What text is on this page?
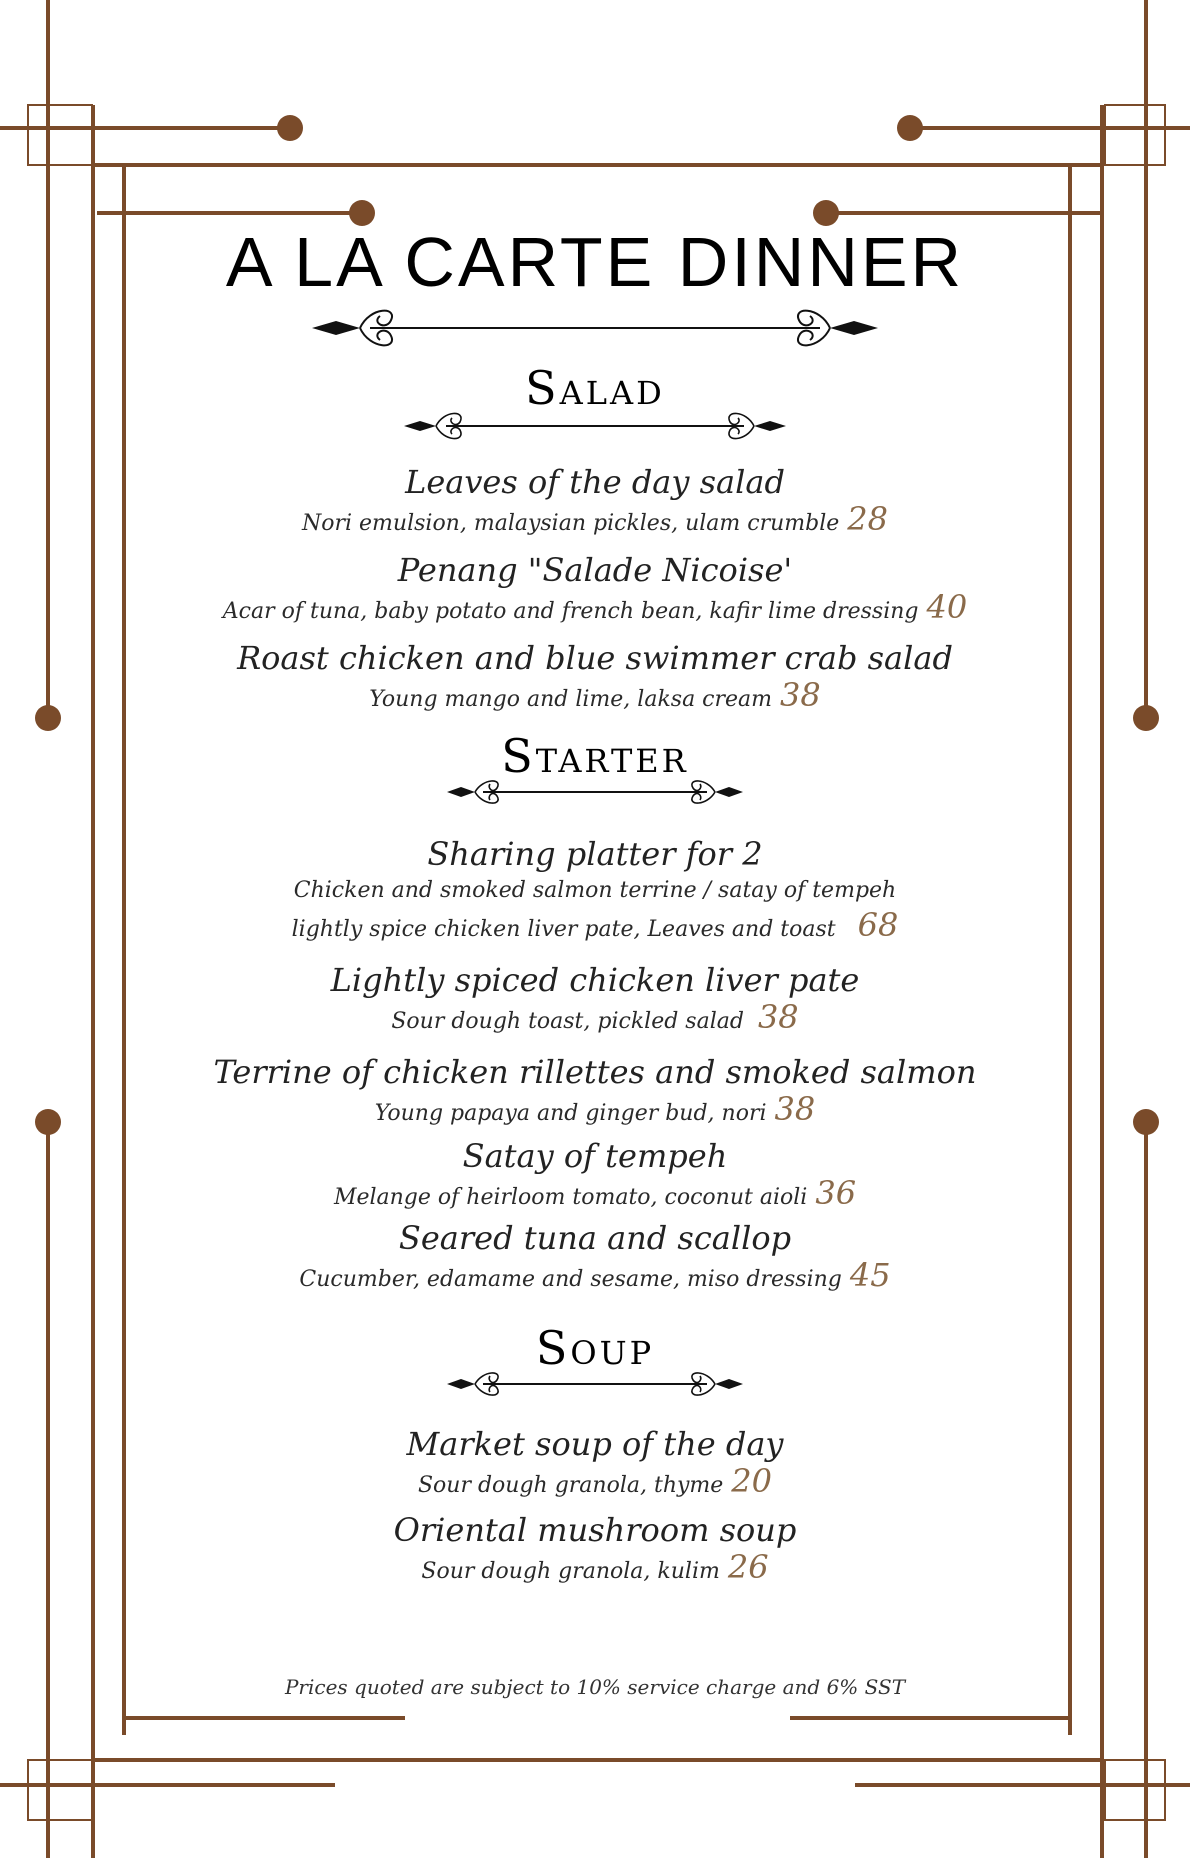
A LA CARTE DINNER
Salad
Leaves of the day salad
Nori emulsion, malaysian pickles, ulam crumble 28
Penang "Salade Nicoise'
Acar of tuna, baby potato and french bean, kafir lime dressing 40
Roast chicken and blue swimmer crab salad
Young mango and lime, laksa cream 38
Starter
Sharing platter for 2
Chicken and smoked salmon terrine / satay of tempeh
lightly spice chicken liver pate, Leaves and toast 68
Lightly spiced chicken liver pate
Sour dough toast, pickled salad 38
Terrine of chicken rillettes and smoked salmon
Young papaya and ginger bud, nori 38
Satay of tempeh
Melange of heirloom tomato, coconut aioli 36
Seared tuna and scallop
Cucumber, edamame and sesame, miso dressing 45
Soup
Market soup of the day
Sour dough granola, thyme 20
Oriental mushroom soup
Sour dough granola, kulim 26
Prices quoted are subject to 10% service charge and 6% SST
